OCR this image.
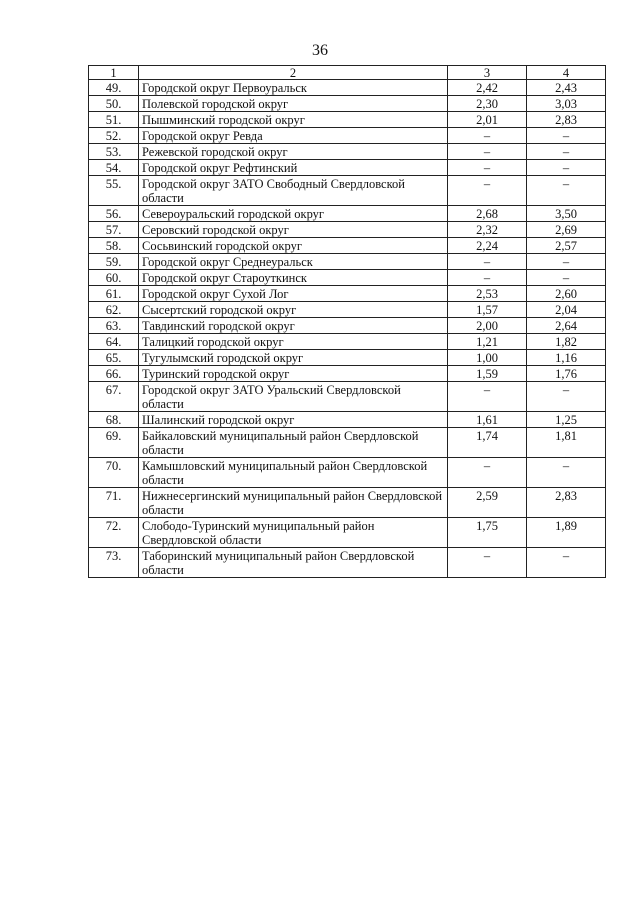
36
1	2	3	4
49.	Городской округ Первоуральск	2,42	2,43
50.	Полевской городской округ	2,30	3,03
51.	Пышминский городской округ	2,01	2,83
52.	Городской округ Ревда	–	–
53.	Режевской городской округ	–	–
54.	Городской округ Рефтинский	–	–
55.	Городской округ ЗАТО Свободный Свердловской области	–	–
56.	Североуральский городской округ	2,68	3,50
57.	Серовский городской округ	2,32	2,69
58.	Сосьвинский городской округ	2,24	2,57
59.	Городской округ Среднеуральск	–	–
60.	Городской округ Староуткинск	–	–
61.	Городской округ Сухой Лог	2,53	2,60
62.	Сысертский городской округ	1,57	2,04
63.	Тавдинский городской округ	2,00	2,64
64.	Талицкий городской округ	1,21	1,82
65.	Тугулымский городской округ	1,00	1,16
66.	Туринский городской округ	1,59	1,76
67.	Городской округ ЗАТО Уральский Свердловской области	–	–
68.	Шалинский городской округ	1,61	1,25
69.	Байкаловский муниципальный район Свердловской области	1,74	1,81
70.	Камышловский муниципальный район Свердловской области	–	–
71.	Нижнесергинский муниципальный район Свердловской области	2,59	2,83
72.	Слободо-Туринский муниципальный район Свердловской области	1,75	1,89
73.	Таборинский муниципальный район Свердловской области	–	–
